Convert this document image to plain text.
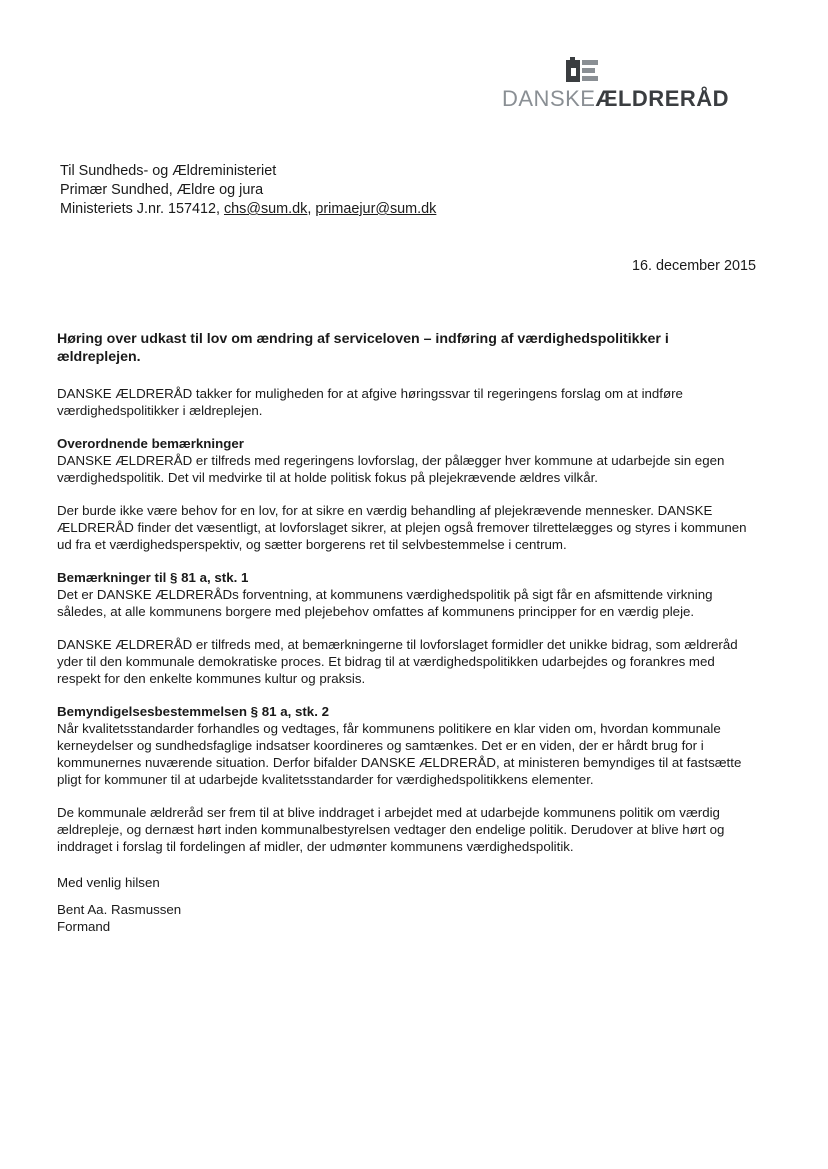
DANSKEÆLDRERÅD
Til Sundheds- og Ældreministeriet
Primær Sundhed, Ældre og jura
Ministeriets J.nr. 157412, chs@sum.dk, primaejur@sum.dk
16. december 2015
Høring over udkast til lov om ændring af serviceloven – indføring af værdighedspolitikker i ældreplejen.

DANSKE ÆLDRERÅD takker for muligheden for at afgive høringssvar til regeringens forslag om at indføre værdighedspolitikker i ældreplejen.

Overordnende bemærkninger
DANSKE ÆLDRERÅD er tilfreds med regeringens lovforslag, der pålægger hver kommune at udarbejde sin egen værdighedspolitik. Det vil medvirke til at holde politisk fokus på plejekrævende ældres vilkår.

Der burde ikke være behov for en lov, for at sikre en værdig behandling af plejekrævende mennesker. DANSKE ÆLDRERÅD finder det væsentligt, at lovforslaget sikrer, at plejen også fremover tilrettelægges og styres i kommunen ud fra et værdighedsperspektiv, og sætter borgerens ret til selvbestemmelse i centrum.

Bemærkninger til § 81 a, stk. 1
Det er DANSKE ÆLDRERÅDs forventning, at kommunens værdighedspolitik på sigt får en afsmittende virkning således, at alle kommunens borgere med plejebehov omfattes af kommunens principper for en værdig pleje.

DANSKE ÆLDRERÅD er tilfreds med, at bemærkningerne til lovforslaget formidler det unikke bidrag, som ældreråd yder til den kommunale demokratiske proces. Et bidrag til at værdighedspolitikken udarbejdes og forankres med respekt for den enkelte kommunes kultur og praksis.

Bemyndigelsesbestemmelsen § 81 a, stk. 2
Når kvalitetsstandarder forhandles og vedtages, får kommunens politikere en klar viden om, hvordan kommunale kerneydelser og sundhedsfaglige indsatser koordineres og samtænkes. Det er en viden, der er hårdt brug for i kommunernes nuværende situation. Derfor bifalder DANSKE ÆLDRERÅD, at ministeren bemyndiges til at fastsætte pligt for kommuner til at udarbejde kvalitetsstandarder for værdighedspolitikkens elementer.

De kommunale ældreråd ser frem til at blive inddraget i arbejdet med at udarbejde kommunens politik om værdig ældrepleje, og dernæst hørt inden kommunalbestyrelsen vedtager den endelige politik. Derudover at blive hørt og inddraget i forslag til fordelingen af midler, der udmønter kommunens værdighedspolitik.

Med venlig hilsen
Bent Aa. Rasmussen
Formand
